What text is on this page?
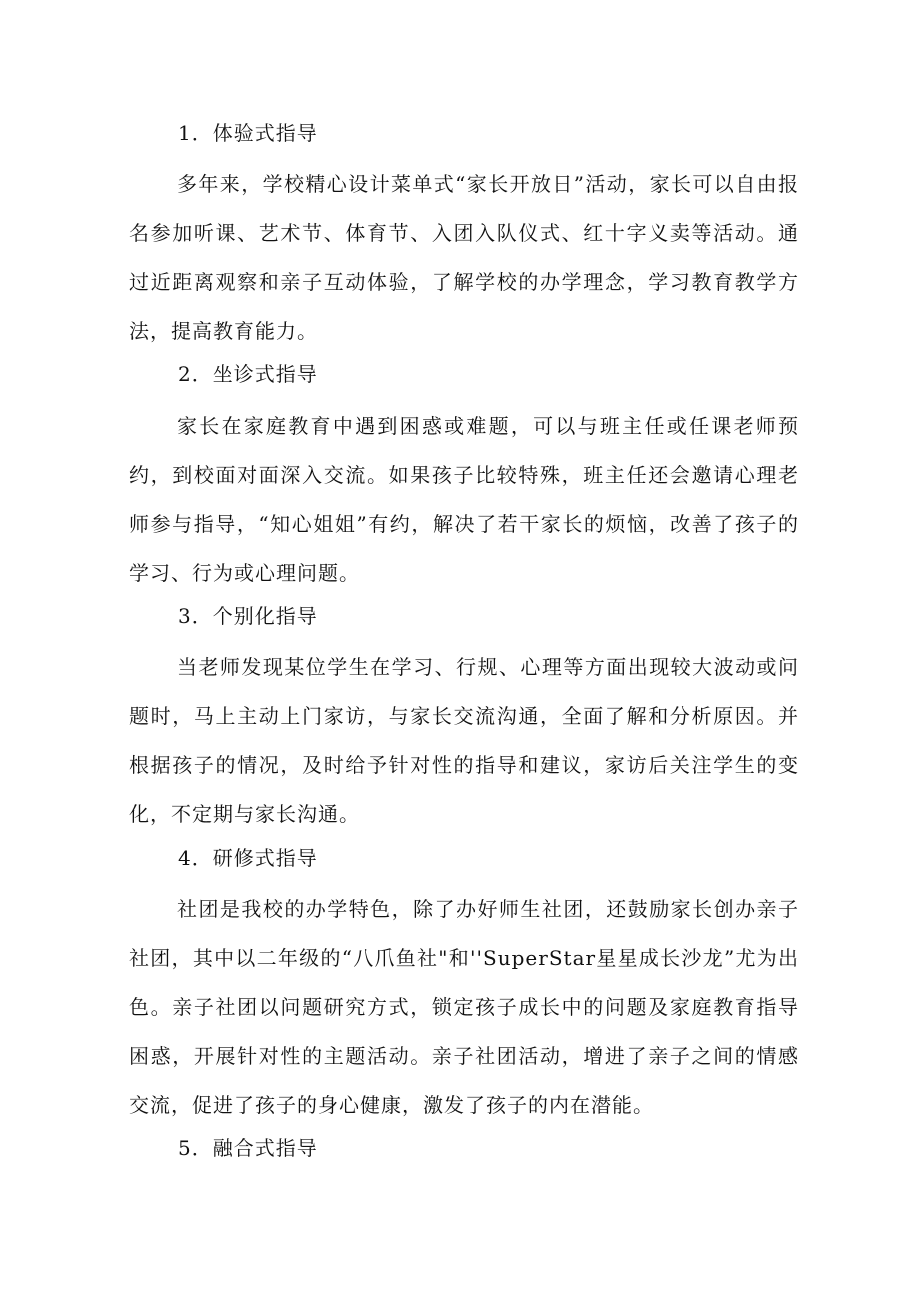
1．体验式指导
多年来，学校精心设计菜单式“家长开放日”活动，家长可以自由报名参加听课、艺术节、体育节、入团入队仪式、红十字义卖等活动。通过近距离观察和亲子互动体验，了解学校的办学理念，学习教育教学方法，提高教育能力。
2．坐诊式指导
家长在家庭教育中遇到困惑或难题，可以与班主任或任课老师预约，到校面对面深入交流。如果孩子比较特殊，班主任还会邀请心理老师参与指导，“知心姐姐”有约，解决了若干家长的烦恼，改善了孩子的学习、行为或心理问题。
3．个别化指导
当老师发现某位学生在学习、行规、心理等方面出现较大波动或问题时，马上主动上门家访，与家长交流沟通，全面了解和分析原因。并根据孩子的情况，及时给予针对性的指导和建议，家访后关注学生的变化，不定期与家长沟通。
4．研修式指导
社团是我校的办学特色，除了办好师生社团，还鼓励家长创办亲子社团，其中以二年级的“八爪鱼社"和''SuperStar星星成长沙龙”尤为出色。亲子社团以问题研究方式，锁定孩子成长中的问题及家庭教育指导困惑，开展针对性的主题活动。亲子社团活动，增进了亲子之间的情感交流，促进了孩子的身心健康，激发了孩子的内在潜能。
5．融合式指导
